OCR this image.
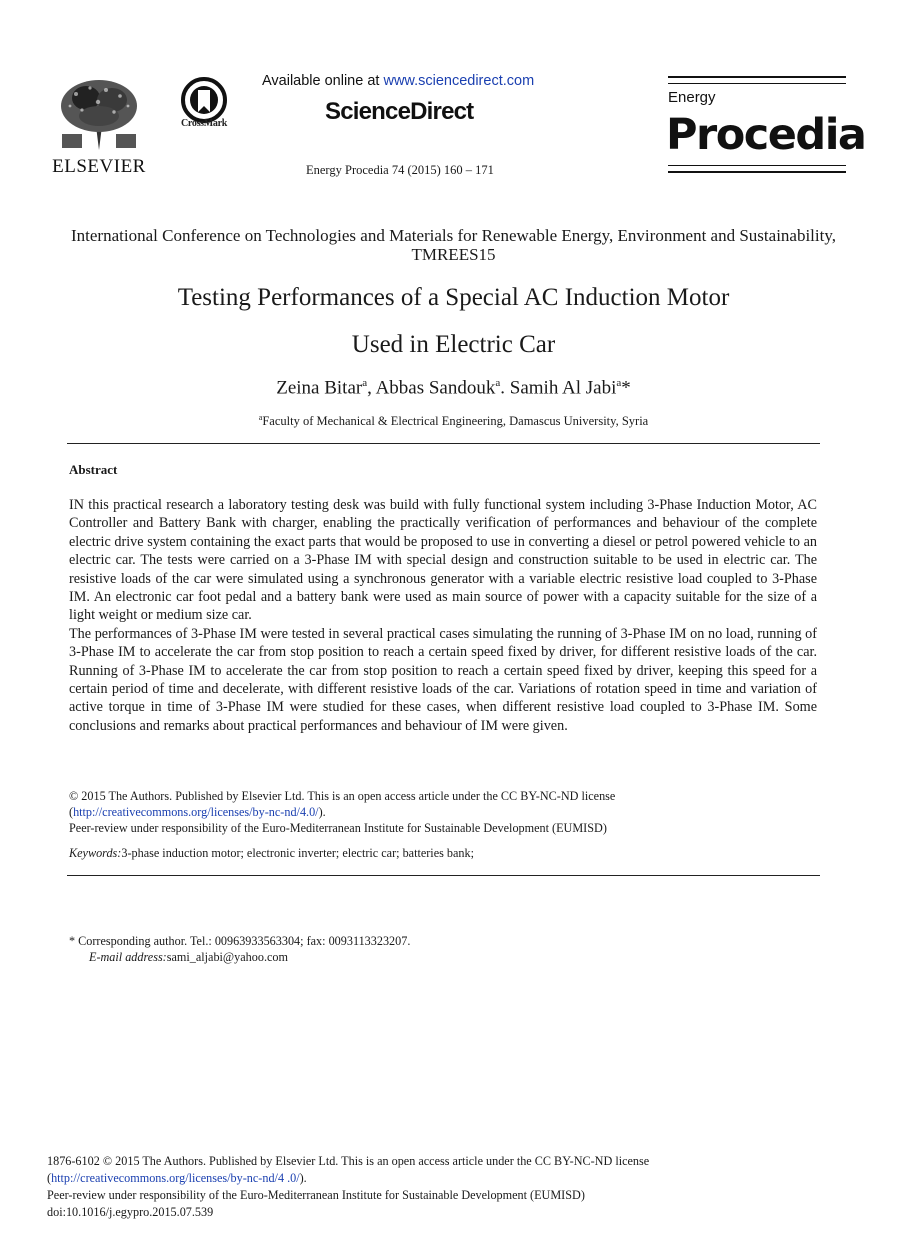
ELSEVIER
CrossMark
Available online at www.sciencedirect.com
ScienceDirect
Energy Procedia 74 (2015) 160 – 171
Energy
Procedia
International Conference on Technologies and Materials for Renewable Energy, Environment and Sustainability, TMREES15
Testing Performances of a Special AC Induction Motor
Used in Electric Car
Zeina Bitar$^a$, Abbas Sandouk$^a$. Samih Al Jabi$^a$*
$^a$Faculty of Mechanical & Electrical Engineering, Damascus University, Syria
Abstract

IN this practical research a laboratory testing desk was build with fully functional system including 3-Phase Induction Motor, AC Controller and Battery Bank with charger, enabling the practically verification of performances and behaviour of the complete electric drive system containing the exact parts that would be proposed to use in converting a diesel or petrol powered vehicle to an electric car. The tests were carried on a 3-Phase IM with special design and construction suitable to be used in electric car. The resistive loads of the car were simulated using a synchronous generator with a variable electric resistive load coupled to 3-Phase IM. An electronic car foot pedal and a battery bank were used as main source of power with a capacity suitable for the size of a light weight or medium size car.

The performances of 3-Phase IM were tested in several practical cases simulating the running of 3-Phase IM on no load, running of 3-Phase IM to accelerate the car from stop position to reach a certain speed fixed by driver, for different resistive loads of the car. Running of 3-Phase IM to accelerate the car from stop position to reach a certain speed fixed by driver, keeping this speed for a certain period of time and decelerate, with different resistive loads of the car. Variations of rotation speed in time and variation of active torque in time of 3-Phase IM were studied for these cases, when different resistive load coupled to 3-Phase IM. Some conclusions and remarks about practical performances and behaviour of IM were given.

© 2015 The Authors. Published by Elsevier Ltd. This is an open access article under the CC BY-NC-ND license
(http://creativecommons.org/licenses/by-nc-nd/4.0/).
Peer-review under responsibility of the Euro-Mediterranean Institute for Sustainable Development (EUMISD)
Keywords:3-phase induction motor; electronic inverter; electric car; batteries bank;
* Corresponding author. Tel.: 00963933563304; fax: 0093113323207.
E-mail address:sami_aljabi@yahoo.com
1876-6102 © 2015 The Authors. Published by Elsevier Ltd. This is an open access article under the CC BY-NC-ND license
(http://creativecommons.org/licenses/by-nc-nd/4 .0/).
Peer-review under responsibility of the Euro-Mediterranean Institute for Sustainable Development (EUMISD)
doi:10.1016/j.egypro.2015.07.539
